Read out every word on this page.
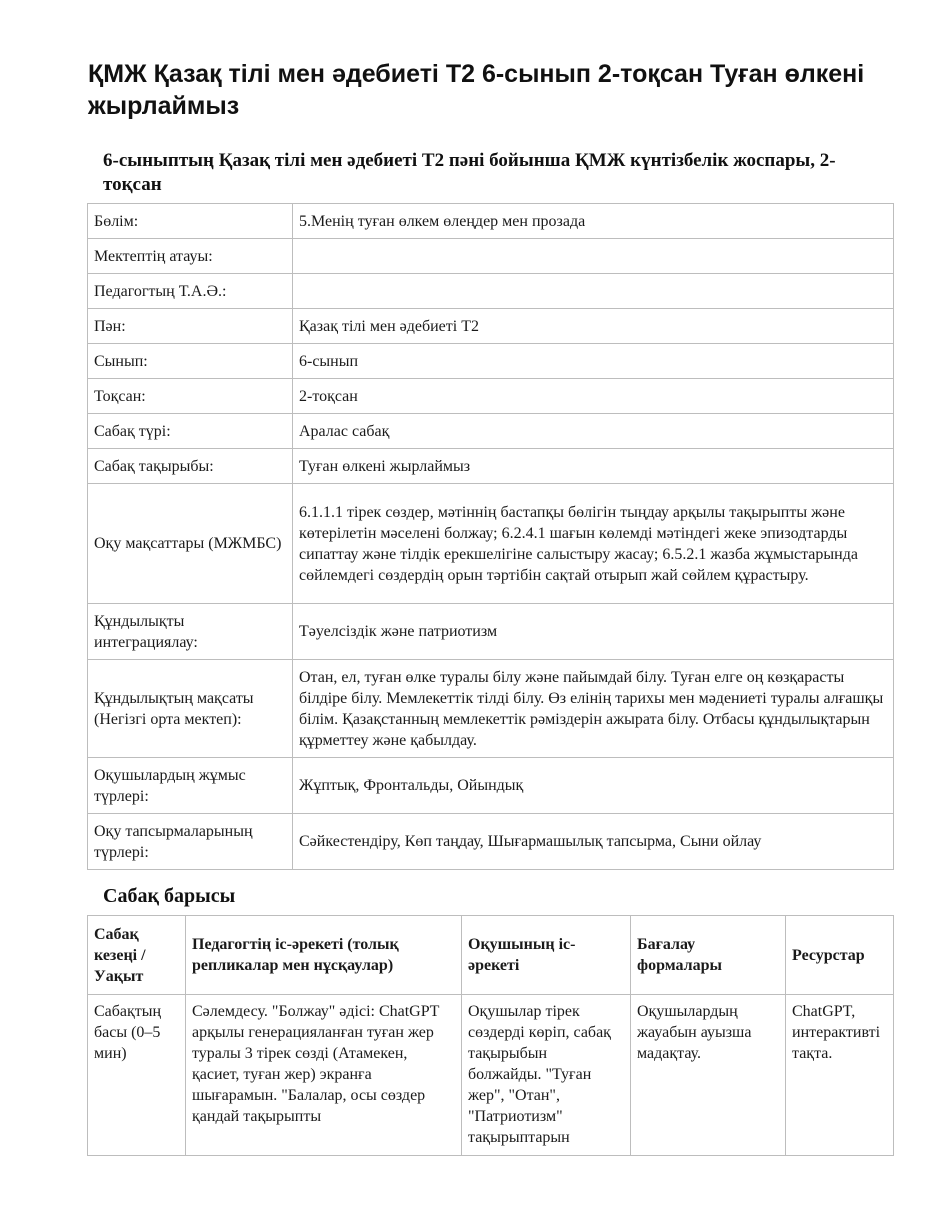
ҚМЖ Қазақ тілі мен әдебиеті Т2 6-сынып 2-тоқсан Туған өлкені жырлаймыз
6-сыныптың Қазақ тілі мен әдебиеті Т2 пәні бойынша ҚМЖ күнтізбелік жоспары, 2-тоқсан
Бөлім:	5.Менің туған өлкем өлеңдер мен прозада
Мектептің атауы:	
Педагогтың Т.А.Ә.:	
Пән:	Қазақ тілі мен әдебиеті Т2
Сынып:	6-сынып
Тоқсан:	2-тоқсан
Сабақ түрі:	Аралас сабақ
Сабақ тақырыбы:	Туған өлкені жырлаймыз
Оқу мақсаттары (МЖМБС)	6.1.1.1 тірек сөздер, мәтіннің бастапқы бөлігін тыңдау арқылы тақырыпты және көтерілетін мәселені болжау; 6.2.4.1 шағын көлемді мәтіндегі жеке эпизодтарды сипаттау және тілдік ерекшелігіне салыстыру жасау; 6.5.2.1 жазба жұмыстарында сөйлемдегі сөздердің орын тәртібін сақтай отырып жай сөйлем құрастыру.
Құндылықты интеграциялау:	Тәуелсіздік және патриотизм
Құндылықтың мақсаты (Негізгі орта мектеп):	Отан, ел, туған өлке туралы білу және пайымдай білу. Туған елге оң көзқарасты білдіре білу. Мемлекеттік тілді білу. Өз елінің тарихы мен мәдениеті туралы алғашқы білім. Қазақстанның мемлекеттік рәміздерін ажырата білу. Отбасы құндылықтарын құрметтеу және қабылдау.
Оқушылардың жұмыс түрлері:	Жұптық, Фронтальды, Ойындық
Оқу тапсырмаларының түрлері:	Сәйкестендіру, Көп таңдау, Шығармашылық тапсырма, Сыни ойлау
Сабақ барысы
Сабақ кезеңі / Уақыт	Педагогтің іс-әрекеті (толық репликалар мен нұсқаулар)	Оқушының іс-әрекеті	Бағалау формалары	Ресурстар
Сабақтың басы (0–5 мин)	Сәлемдесу. "Болжау" әдісі: ChatGPT арқылы генерацияланған туған жер туралы 3 тірек сөзді (Атамекен, қасиет, туған жер) экранға шығарамын. "Балалар, осы сөздер қандай тақырыпты	Оқушылар тірек сөздерді көріп, сабақ тақырыбын болжайды. "Туған жер", "Отан", "Патриотизм" тақырыптарын	Оқушылардың жауабын ауызша мадақтау.	ChatGPT, интерактивті тақта.
